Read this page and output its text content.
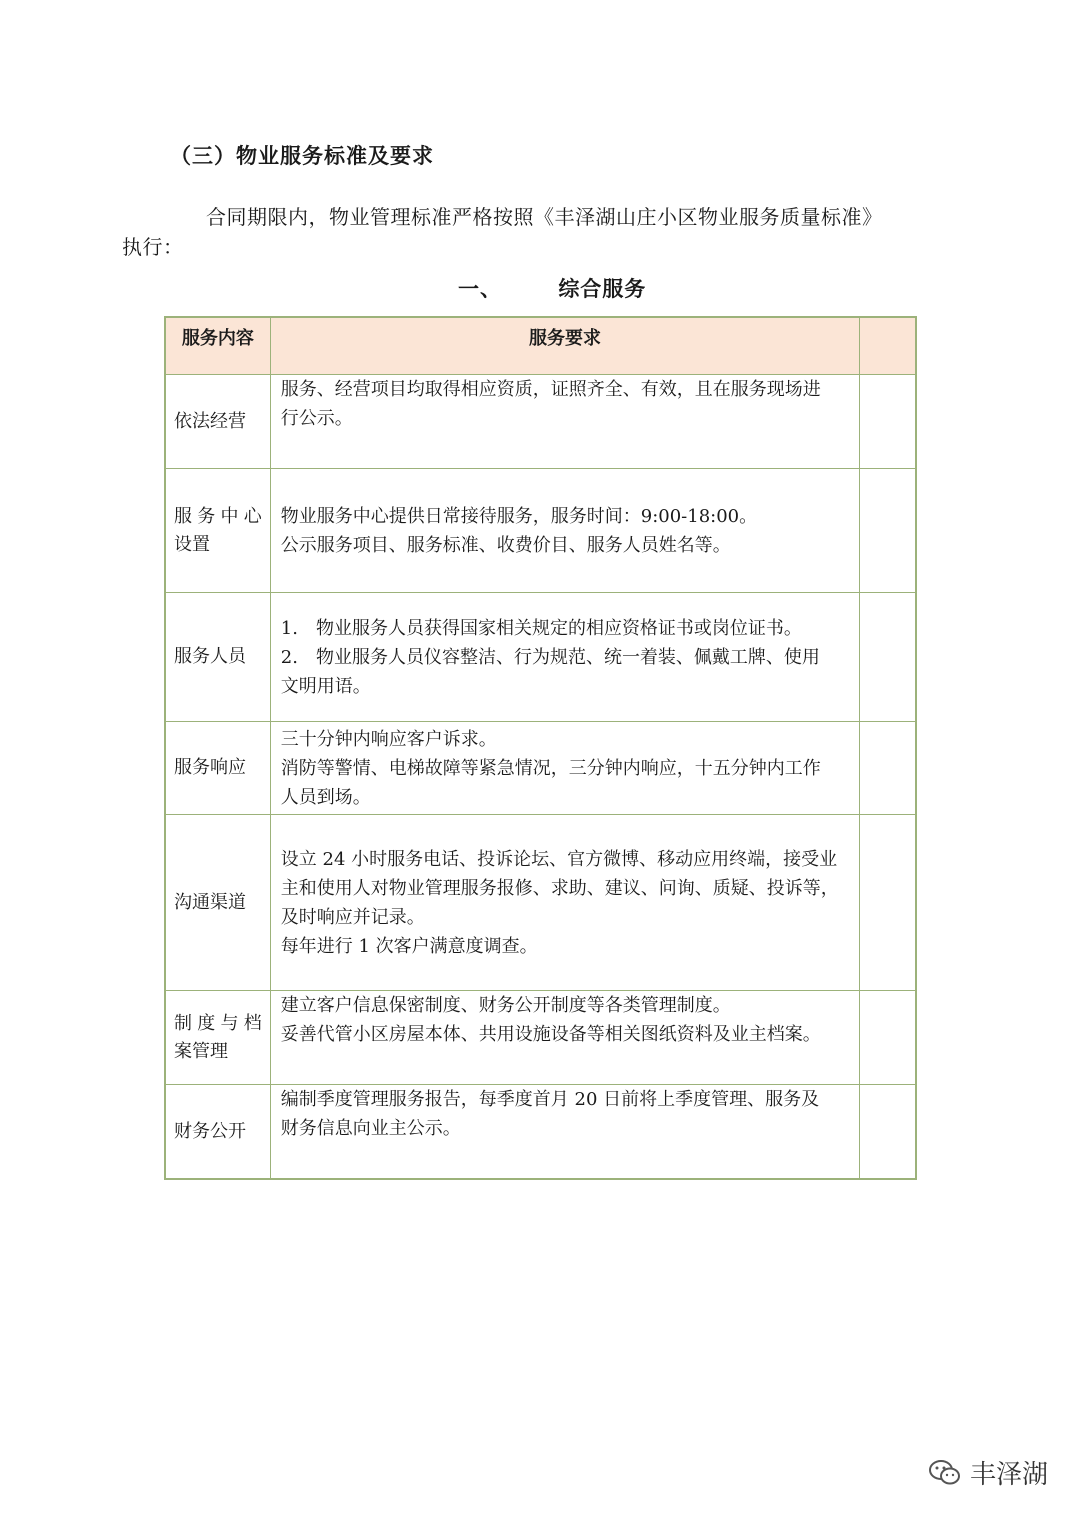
（三）物业服务标准及要求
合同期限内，物业管理标准严格按照《丰泽湖山庄小区物业服务质量标准》
执行：
一、	综合服务
服务内容	服务要求	

依法经营	服务、经营项目均取得相应资质，证照齐全、有效，且在服务现场进
行公示。	

服务中心
设置	物业服务中心提供日常接待服务，服务时间：9:00-18:00。
公示服务项目、服务标准、收费价目、服务人员姓名等。	

服务人员	1.　物业服务人员获得国家相关规定的相应资格证书或岗位证书。
2.　物业服务人员仪容整洁、行为规范、统一着装、佩戴工牌、使用
文明用语。	

服务响应	三十分钟内响应客户诉求。
消防等警情、电梯故障等紧急情况，三分钟内响应，十五分钟内工作
人员到场。	

沟通渠道	设立 24 小时服务电话、投诉论坛、官方微博、移动应用终端，接受业
主和使用人对物业管理服务报修、求助、建议、问询、质疑、投诉等，
及时响应并记录。
每年进行 1 次客户满意度调查。	

制度与档
案管理	建立客户信息保密制度、财务公开制度等各类管理制度。
妥善代管小区房屋本体、共用设施设备等相关图纸资料及业主档案。	

财务公开	编制季度管理服务报告，每季度首月 20 日前将上季度管理、服务及
财务信息向业主公示。	

丰泽湖
